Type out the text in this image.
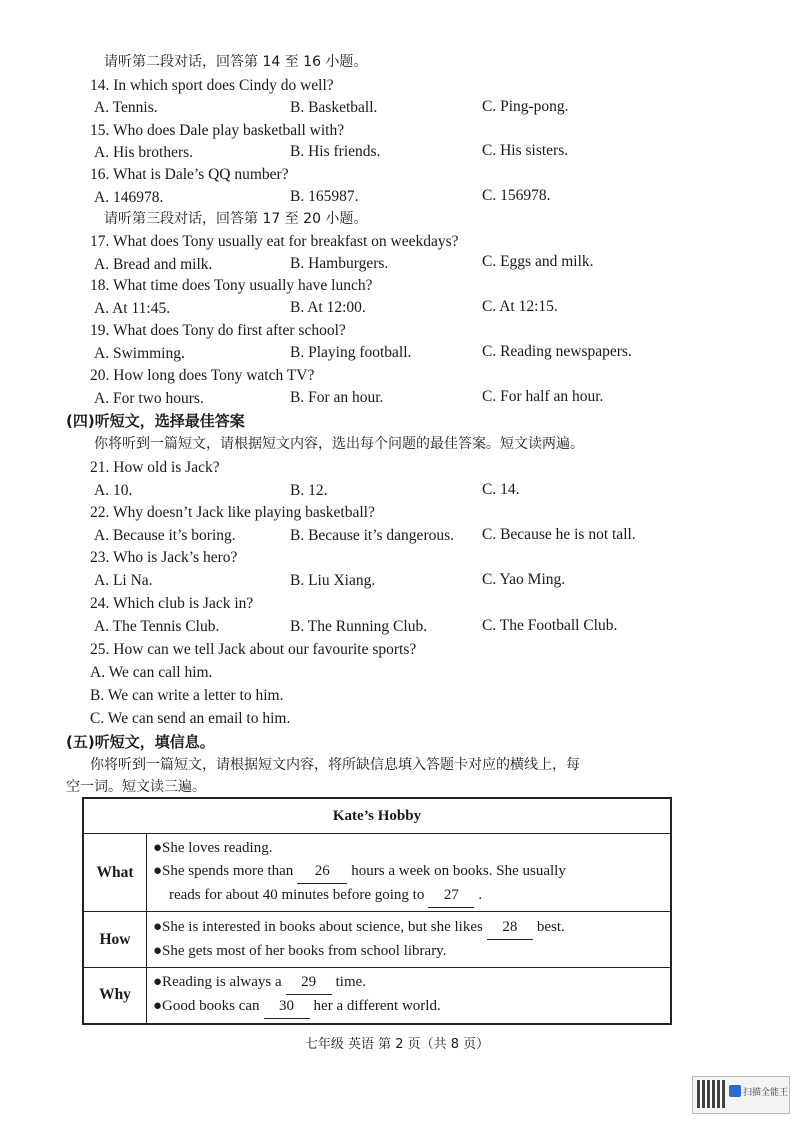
请听第二段对话，回答第 14 至 16 小题。
14. In which sport does Cindy do well?
A. Tennis.	B. Basketball.	C. Ping-pong.
15. Who does Dale play basketball with?
A. His brothers.	B. His friends.	C. His sisters.
16. What is Dale’s QQ number?
A. 146978.	B. 165987.	C. 156978.
请听第三段对话，回答第 17 至 20 小题。
17. What does Tony usually eat for breakfast on weekdays?
A. Bread and milk.	B. Hamburgers.	C. Eggs and milk.
18. What time does Tony usually have lunch?
A. At 11:45.	B. At 12:00.	C. At 12:15.
19. What does Tony do first after school?
A. Swimming.	B. Playing football.	C. Reading newspapers.
20. How long does Tony watch TV?
A. For two hours.	B. For an hour.	C. For half an hour.
(四)听短文，选择最佳答案
你将听到一篇短文，请根据短文内容，选出每个问题的最佳答案。短文读两遍。
21. How old is Jack?
A. 10.	B. 12.	C. 14.
22. Why doesn’t Jack like playing basketball?
A. Because it’s boring.	B. Because it’s dangerous. C. Because he is not tall.
23. Who is Jack’s hero?
A. Li Na.	B. Liu Xiang.	C. Yao Ming.
24. Which club is Jack in?
A. The Tennis Club.	B. The Running Club.	C. The Football Club.
25. How can we tell Jack about our favourite sports?
A. We can call him.
B. We can write a letter to him.
C. We can send an email to him.
(五)听短文，填信息。
你将听到一篇短文，请根据短文内容，将所缺信息填入答题卡对应的横线上，每
空一词。短文读三遍。
Kate’s Hobby	
What	●She loves reading.
●She spends more than 26 hours a week on books. She usually
reads for about 40 minutes before going to 27 .

How	●She is interested in books about science, but she likes 28 best.
●She gets most of her books from school library.

Why	●Reading is always a 29 time.
●Good books can 30 her a different world.
七年级 英语 第 2 页（共 8 页）
扫描全能王
